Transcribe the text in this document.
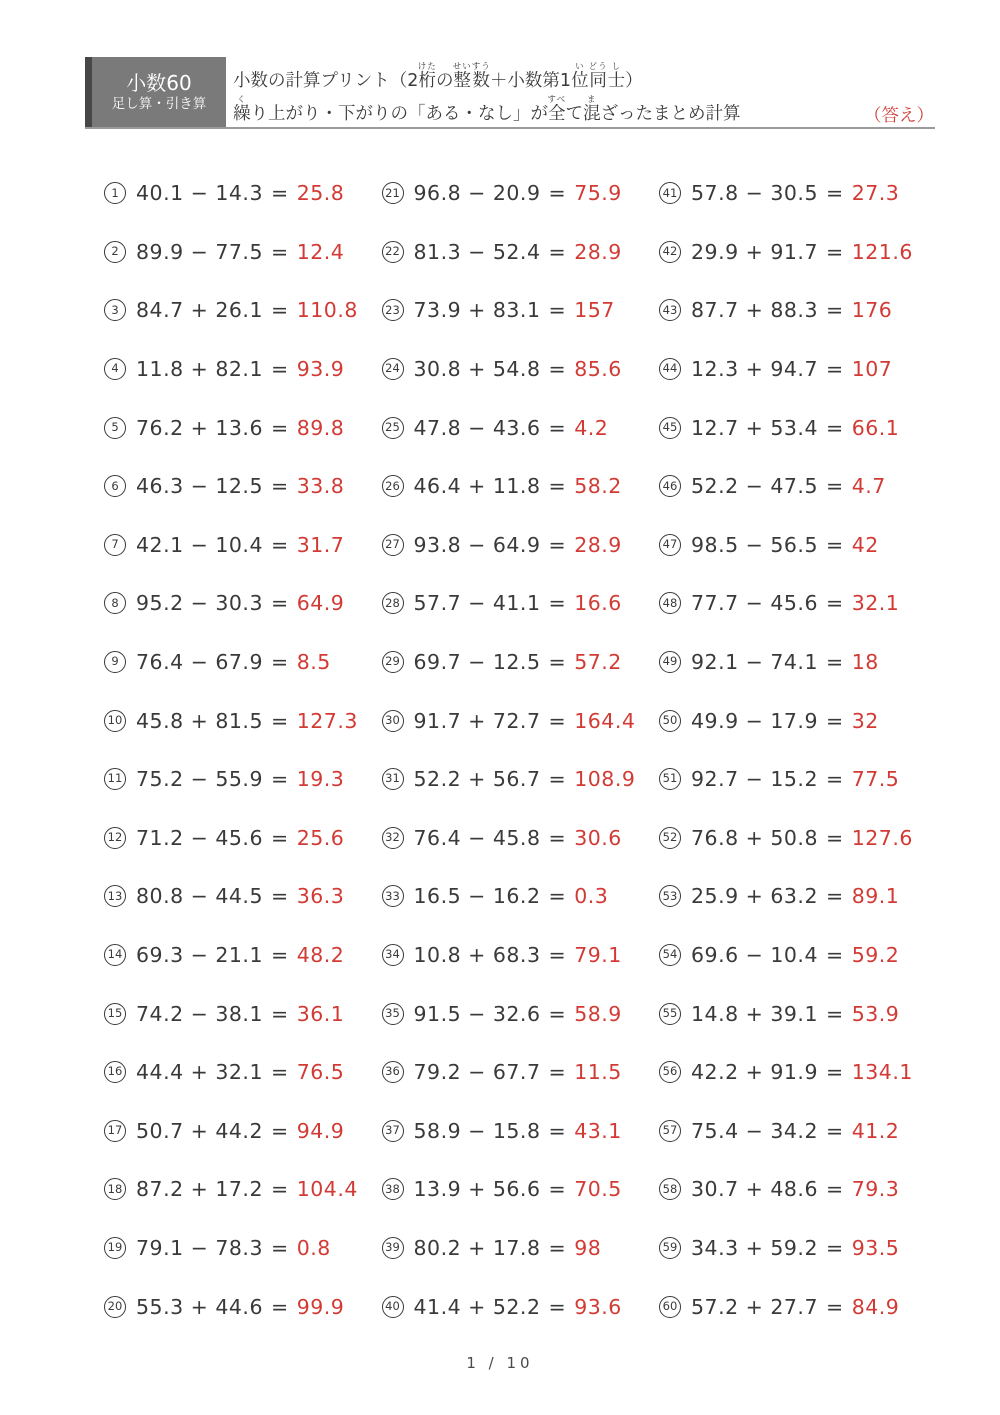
小数60
足し算・引き算
小数の計算プリント（2桁けたの整せい数すう＋小数第1位い同どう士し）
繰くり上がり・下がりの「ある・なし」が全すべて混まざったまとめ計算	（答え）
1 40.1 − 14.3 = 25.8
2 89.9 − 77.5 = 12.4
3 84.7 + 26.1 = 110.8
4 11.8 + 82.1 = 93.9
5 76.2 + 13.6 = 89.8
6 46.3 − 12.5 = 33.8
7 42.1 − 10.4 = 31.7
8 95.2 − 30.3 = 64.9
9 76.4 − 67.9 = 8.5
10 45.8 + 81.5 = 127.3
11 75.2 − 55.9 = 19.3
12 71.2 − 45.6 = 25.6
13 80.8 − 44.5 = 36.3
14 69.3 − 21.1 = 48.2
15 74.2 − 38.1 = 36.1
16 44.4 + 32.1 = 76.5
17 50.7 + 44.2 = 94.9
18 87.2 + 17.2 = 104.4
19 79.1 − 78.3 = 0.8
20 55.3 + 44.6 = 99.9
21 96.8 − 20.9 = 75.9
22 81.3 − 52.4 = 28.9
23 73.9 + 83.1 = 157
24 30.8 + 54.8 = 85.6
25 47.8 − 43.6 = 4.2
26 46.4 + 11.8 = 58.2
27 93.8 − 64.9 = 28.9
28 57.7 − 41.1 = 16.6
29 69.7 − 12.5 = 57.2
30 91.7 + 72.7 = 164.4
31 52.2 + 56.7 = 108.9
32 76.4 − 45.8 = 30.6
33 16.5 − 16.2 = 0.3
34 10.8 + 68.3 = 79.1
35 91.5 − 32.6 = 58.9
36 79.2 − 67.7 = 11.5
37 58.9 − 15.8 = 43.1
38 13.9 + 56.6 = 70.5
39 80.2 + 17.8 = 98
40 41.4 + 52.2 = 93.6
41 57.8 − 30.5 = 27.3
42 29.9 + 91.7 = 121.6
43 87.7 + 88.3 = 176
44 12.3 + 94.7 = 107
45 12.7 + 53.4 = 66.1
46 52.2 − 47.5 = 4.7
47 98.5 − 56.5 = 42
48 77.7 − 45.6 = 32.1
49 92.1 − 74.1 = 18
50 49.9 − 17.9 = 32
51 92.7 − 15.2 = 77.5
52 76.8 + 50.8 = 127.6
53 25.9 + 63.2 = 89.1
54 69.6 − 10.4 = 59.2
55 14.8 + 39.1 = 53.9
56 42.2 + 91.9 = 134.1
57 75.4 − 34.2 = 41.2
58 30.7 + 48.6 = 79.3
59 34.3 + 59.2 = 93.5
60 57.2 + 27.7 = 84.9
1 / 10
